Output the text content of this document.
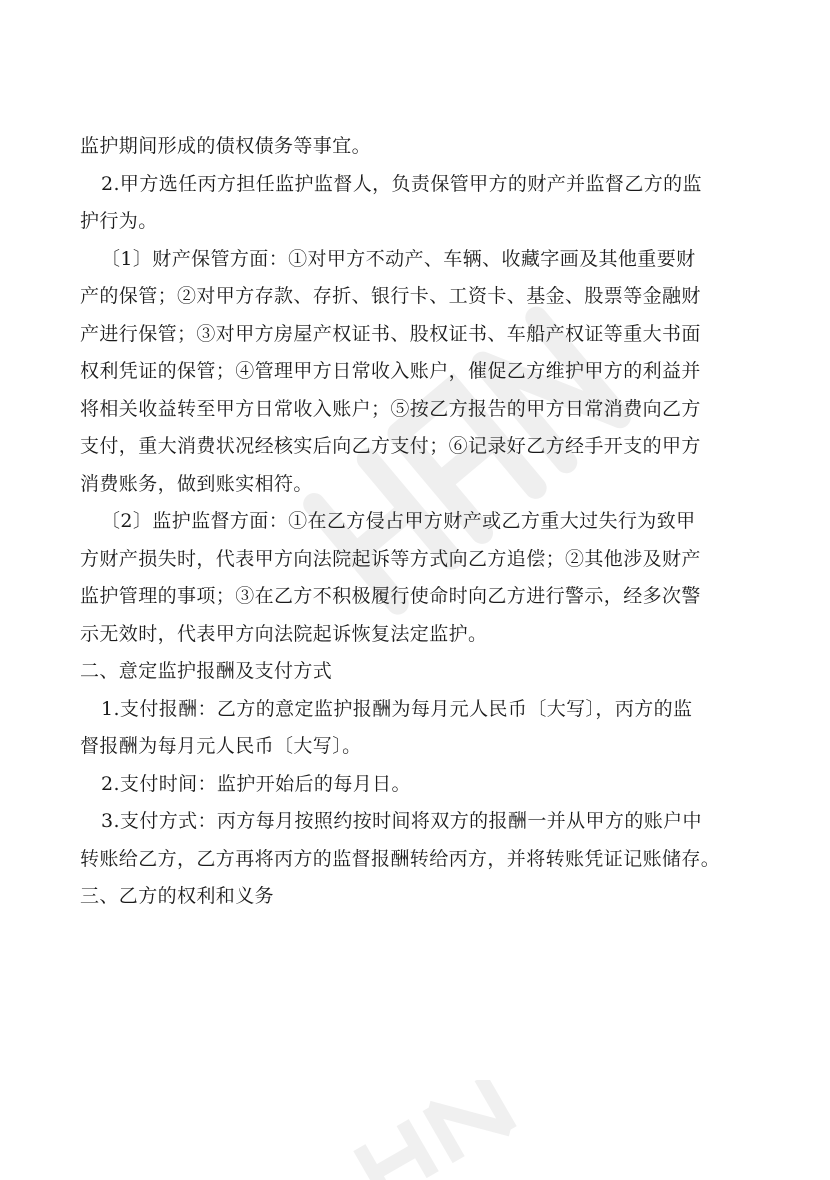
监护期间形成的债权债务等事宜。
2.甲方选任丙方担任监护监督人，负责保管甲方的财产并监督乙方的监
护行为。
〔1〕财产保管方面：①对甲方不动产、车辆、收藏字画及其他重要财
产的保管；②对甲方存款、存折、银行卡、工资卡、基金、股票等金融财
产进行保管；③对甲方房屋产权证书、股权证书、车船产权证等重大书面
权利凭证的保管；④管理甲方日常收入账户，催促乙方维护甲方的利益并
将相关收益转至甲方日常收入账户；⑤按乙方报告的甲方日常消费向乙方
支付，重大消费状况经核实后向乙方支付；⑥记录好乙方经手开支的甲方
消费账务，做到账实相符。
〔2〕监护监督方面：①在乙方侵占甲方财产或乙方重大过失行为致甲
方财产损失时，代表甲方向法院起诉等方式向乙方追偿；②其他涉及财产
监护管理的事项；③在乙方不积极履行使命时向乙方进行警示，经多次警
示无效时，代表甲方向法院起诉恢复法定监护。
二、意定监护报酬及支付方式
1.支付报酬：乙方的意定监护报酬为每月元人民币〔大写〕，丙方的监
督报酬为每月元人民币〔大写〕。
2.支付时间：监护开始后的每月日。
3.支付方式：丙方每月按照约按时间将双方的报酬一并从甲方的账户中
转账给乙方，乙方再将丙方的监督报酬转给丙方，并将转账凭证记账储存。
三、乙方的权利和义务
